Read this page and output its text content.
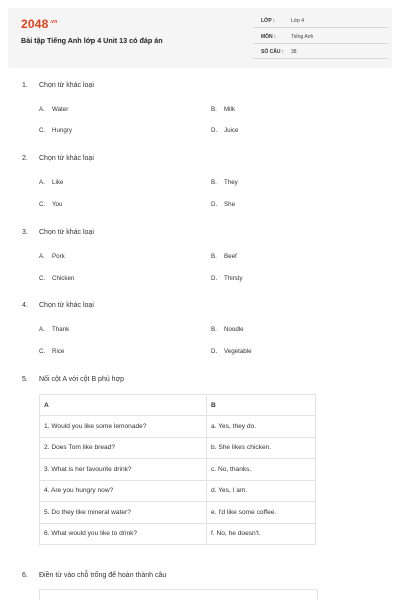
$2048^{.vn}$
Bài tập Tiếng Anh lớp 4 Unit 13 có đáp án
LỚP :	Lớp 4
MÔN :	Tiếng Anh
SỐ CÂU : 38
1. Chọn từ khác loại
A. Water	B. Milk
C. Hungry	D. Juice
2. Chọn từ khác loại
A. Like	B. They
C. You	D. She
3. Chọn từ khác loại
A. Pork	B. Beef
C. Chicken	D. Thirsty
4. Chọn từ khác loại
A. Thank	B. Noodle
C. Rice	D. Vegetable
5. Nối cột A với cột B phù hợp
A	B
1. Would you like some lemonade?	a. Yes, they do.
2. Does Tom like bread?	b. She likes chicken.
3. What is her favourite drink?	c. No, thanks.
4. Are you hungry now?	d. Yes, I am.
5. Do they like mineral water?	e. I'd like some coffee.
6. What would you like to drink?	f. No, he doesn't.
6. Điền từ vào chỗ trống để hoàn thành câu
